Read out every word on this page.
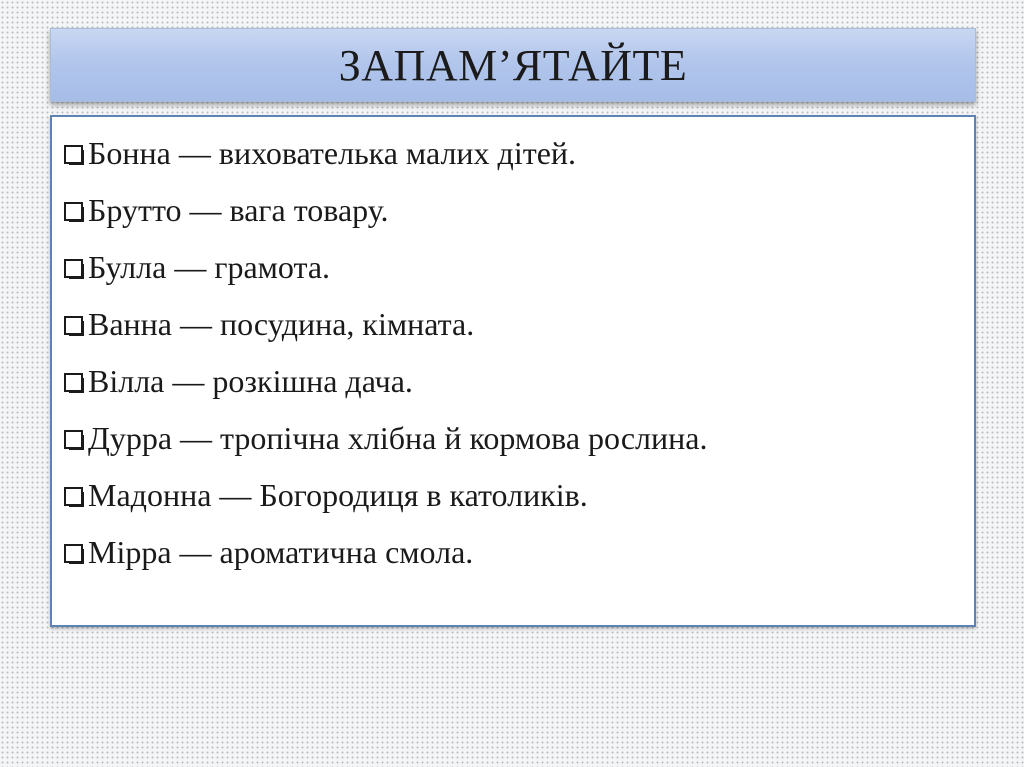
ЗАПАМ’ЯТАЙТЕ
Бонна — вихователька малих дітей.
Брутто — вага товару.
Булла — грамота.
Ванна — посудина, кімната.
Вілла — розкішна дача.
Дурра — тропічна хлібна й кормова рослина.
Мадонна — Богородиця в католиків.
Мірра — ароматична смола.
